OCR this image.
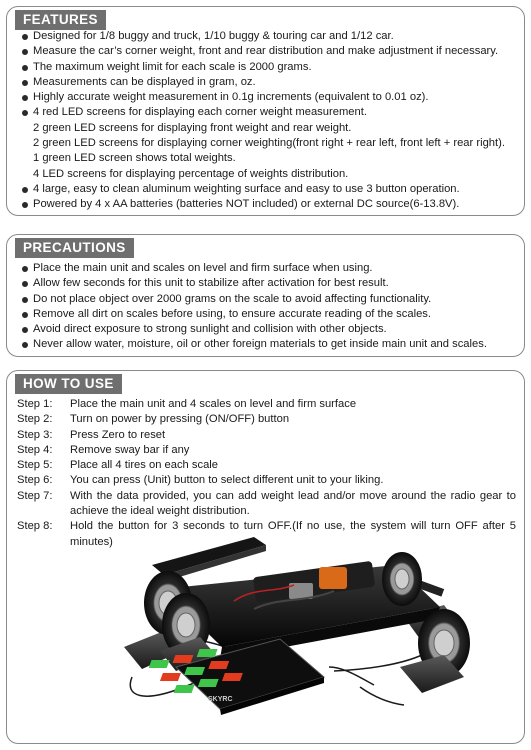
FEATURES
Designed for 1/8 buggy and truck, 1/10 buggy & touring car and 1/12 car.
Measure the car’s corner weight, front and rear distribution and make adjustment if necessary.
The maximum weight limit for each scale is 2000 grams.
Measurements can be displayed in gram, oz.
Highly accurate weight measurement in 0.1g increments (equivalent to 0.01 oz).
4 red LED screens for displaying each corner weight measurement.
2 green LED screens for displaying front weight and rear weight.
2 green LED screens for displaying corner weighting(front right + rear left, front left + rear right).
1 green LED screen shows total weights.
4 LED screens for displaying percentage of weights distribution.
4 large, easy to clean aluminum weighting surface and easy to use 3 button operation.
Powered by 4 x AA batteries (batteries NOT included) or external DC source(6-13.8V).
PRECAUTIONS
Place the main unit and scales on level and firm surface when using.
Allow few seconds for this unit to stabilize after activation for best result.
Do not place object over 2000 grams on the scale to avoid affecting functionality.
Remove all dirt on scales before using, to ensure accurate reading of the scales.
Avoid direct exposure to strong sunlight and collision with other objects.
Never allow water, moisture, oil or other foreign materials to get inside main unit and scales.
HOW TO USE
Step 1:	Place the main unit and 4 scales on level and firm surface
Step 2:	Turn on power by pressing (ON/OFF) button
Step 3:	Press Zero to reset
Step 4:	Remove sway bar if any
Step 5:	Place all 4 tires on each scale
Step 6:	You can press (Unit) button to select different unit to your liking.
Step 7:	With the data provided, you can add weight lead and/or move around the radio gear to achieve the ideal weight distribution.
Step 8:	Hold the button for 3 seconds to turn OFF.(If no use, the system will turn OFF after 5 minutes)
SKYRC
